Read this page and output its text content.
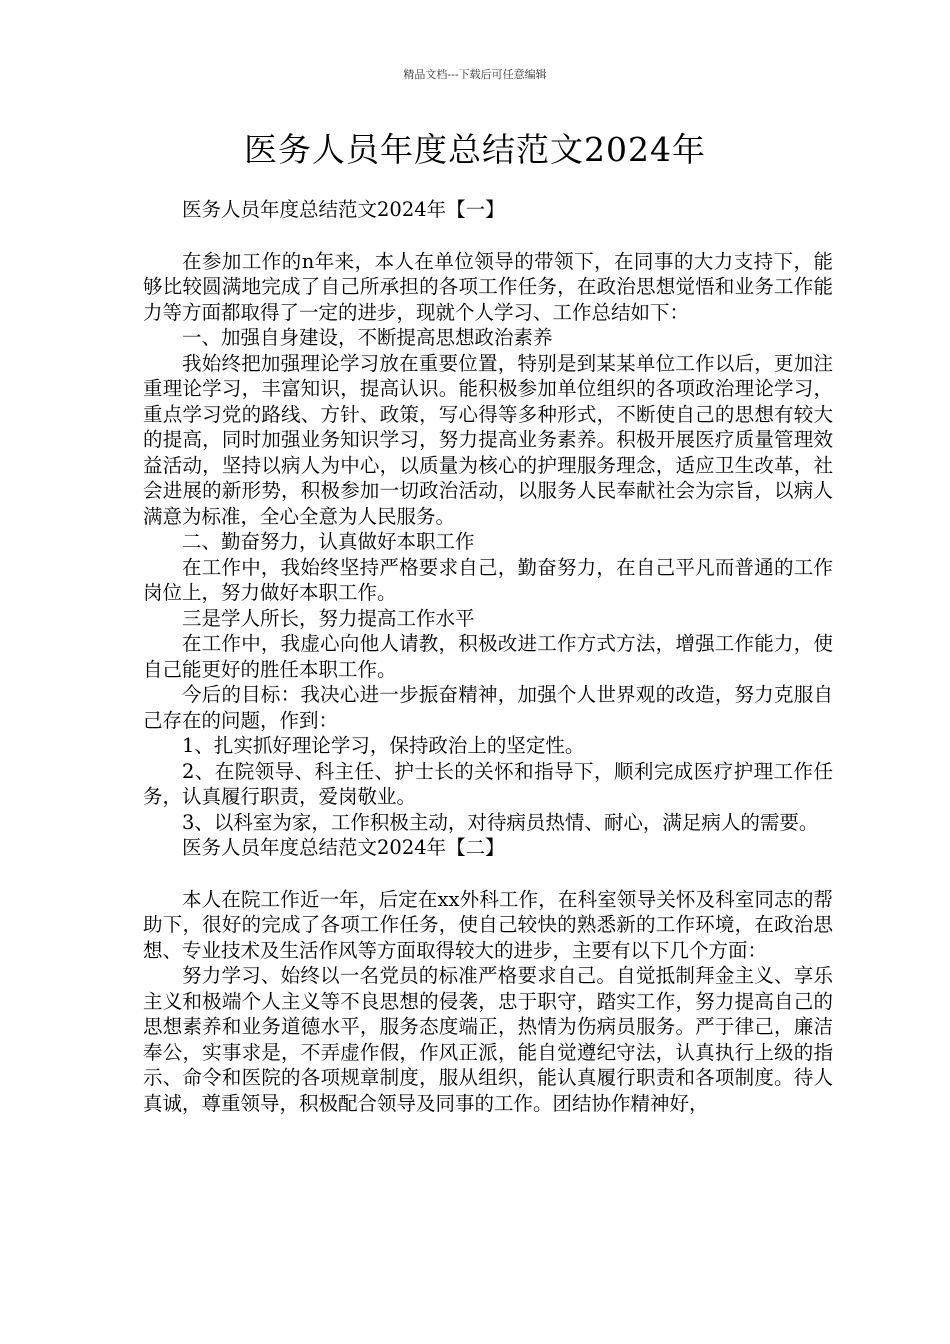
精品文档---下载后可任意编辑
医务人员年度总结范文2024年

医务人员年度总结范文2024年【一】

在参加工作的n年来，本人在单位领导的带领下，在同事的大力支持下，能够比较圆满地完成了自己所承担的各项工作任务，在政治思想觉悟和业务工作能力等方面都取得了一定的进步，现就个人学习、工作总结如下：

一、加强自身建设，不断提高思想政治素养

我始终把加强理论学习放在重要位置，特别是到某某单位工作以后，更加注重理论学习，丰富知识，提高认识。能积极参加单位组织的各项政治理论学习，重点学习党的路线、方针、政策，写心得等多种形式，不断使自己的思想有较大的提高，同时加强业务知识学习，努力提高业务素养。积极开展医疗质量管理效益活动，坚持以病人为中心，以质量为核心的护理服务理念，适应卫生改革，社会进展的新形势，积极参加一切政治活动，以服务人民奉献社会为宗旨，以病人满意为标准，全心全意为人民服务。

二、勤奋努力，认真做好本职工作

在工作中，我始终坚持严格要求自己，勤奋努力，在自己平凡而普通的工作岗位上，努力做好本职工作。

三是学人所长，努力提高工作水平

在工作中，我虚心向他人请教，积极改进工作方式方法，增强工作能力，使自己能更好的胜任本职工作。

今后的目标：我决心进一步振奋精神，加强个人世界观的改造，努力克服自己存在的问题，作到：

1、扎实抓好理论学习，保持政治上的坚定性。

2、在院领导、科主任、护士长的关怀和指导下，顺利完成医疗护理工作任务，认真履行职责，爱岗敬业。

3、以科室为家，工作积极主动，对待病员热情、耐心，满足病人的需要。

医务人员年度总结范文2024年【二】

本人在院工作近一年，后定在xx外科工作，在科室领导关怀及科室同志的帮助下，很好的完成了各项工作任务，使自己较快的熟悉新的工作环境，在政治思想、专业技术及生活作风等方面取得较大的进步，主要有以下几个方面：

努力学习、始终以一名党员的标准严格要求自己。自觉抵制拜金主义、享乐主义和极端个人主义等不良思想的侵袭，忠于职守，踏实工作，努力提高自己的思想素养和业务道德水平，服务态度端正，热情为伤病员服务。严于律己，廉洁奉公，实事求是，不弄虚作假，作风正派，能自觉遵纪守法，认真执行上级的指示、命令和医院的各项规章制度，服从组织，能认真履行职责和各项制度。待人真诚，尊重领导，积极配合领导及同事的工作。团结协作精神好，
